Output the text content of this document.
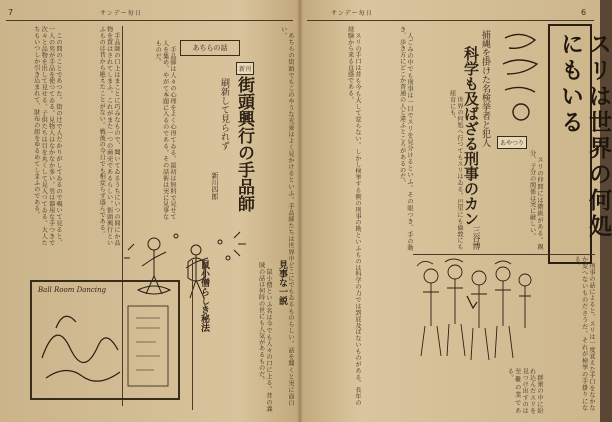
7	サンデー毎日
　この間のことであつた。街の辻で人だかりがしてゐるので覗いて見ると、一人の男が手品を使つてゐる。見物人はなかなか多い。男は器用な手つきで次々と品物を出して見せる。子供たちは目を丸くして見入つてゐる。大人たちもいつしか引き込まれて、財布の紐をゆるめてしまふのである。	　手品師の口上はまことに巧みなもので、聞いてゐるうちにいつの間にか品物を買はされてしまふ。これがまた一つの商売であるらしい。街頭興行といふものは昔から絶えたことがない。戦後の今日でも相変らず盛んである。	あちらの話
新刊
刷新して見られず 街頭興行の手品師
新川四郎
　手品師は人々の心理をよく心得てゐる。最初は無料で見せて人を集め、やがて本題に入るのである。その話術は実に見事なものだ。	　あちらの街頭でもこのやうな光景はよく見かけるといふ。手品師たちは世界中どこにでもゐるものらしい。話を聞くと実に面白い。
Ball Room Dancing	鼠小僧らしき秘法	見事な一説
　鼠小僧といふ名は今でも人々の口に上る。昔の義賊の話は何時の世にも人気があるものだ。
サンデー毎日	6
　スリの手口は昔も今も大して変らない。しかし検挙する側の刑事の勘といふものは科学の力では到底及ばないものがある。長年の経験から来る直感である。	　人ごみの中でも刑事は一目でスリを見分けるといふ。その眼つき、手の動き、歩き方にどこか普通の人と違ふところがあるのだ。	　世界の何処へ行つてもスリはゐる。巴里にも倫敦にも紐育にも。	捕縄を掛けた名検挙者と犯人
科学も及ばざる刑事のカン
三谷博
あやつり
　スリの仲間には階級がある。親分、子分の関係は実に厳しい。	スリは世界の何処にもいる
　刑事の話によると、スリは一度覚えた手口をなかなか変へないものださうだ。それが検挙の手掛りになる。
　群衆の中に紛れ込んだスリを見つけ出すのは至難の業である。
